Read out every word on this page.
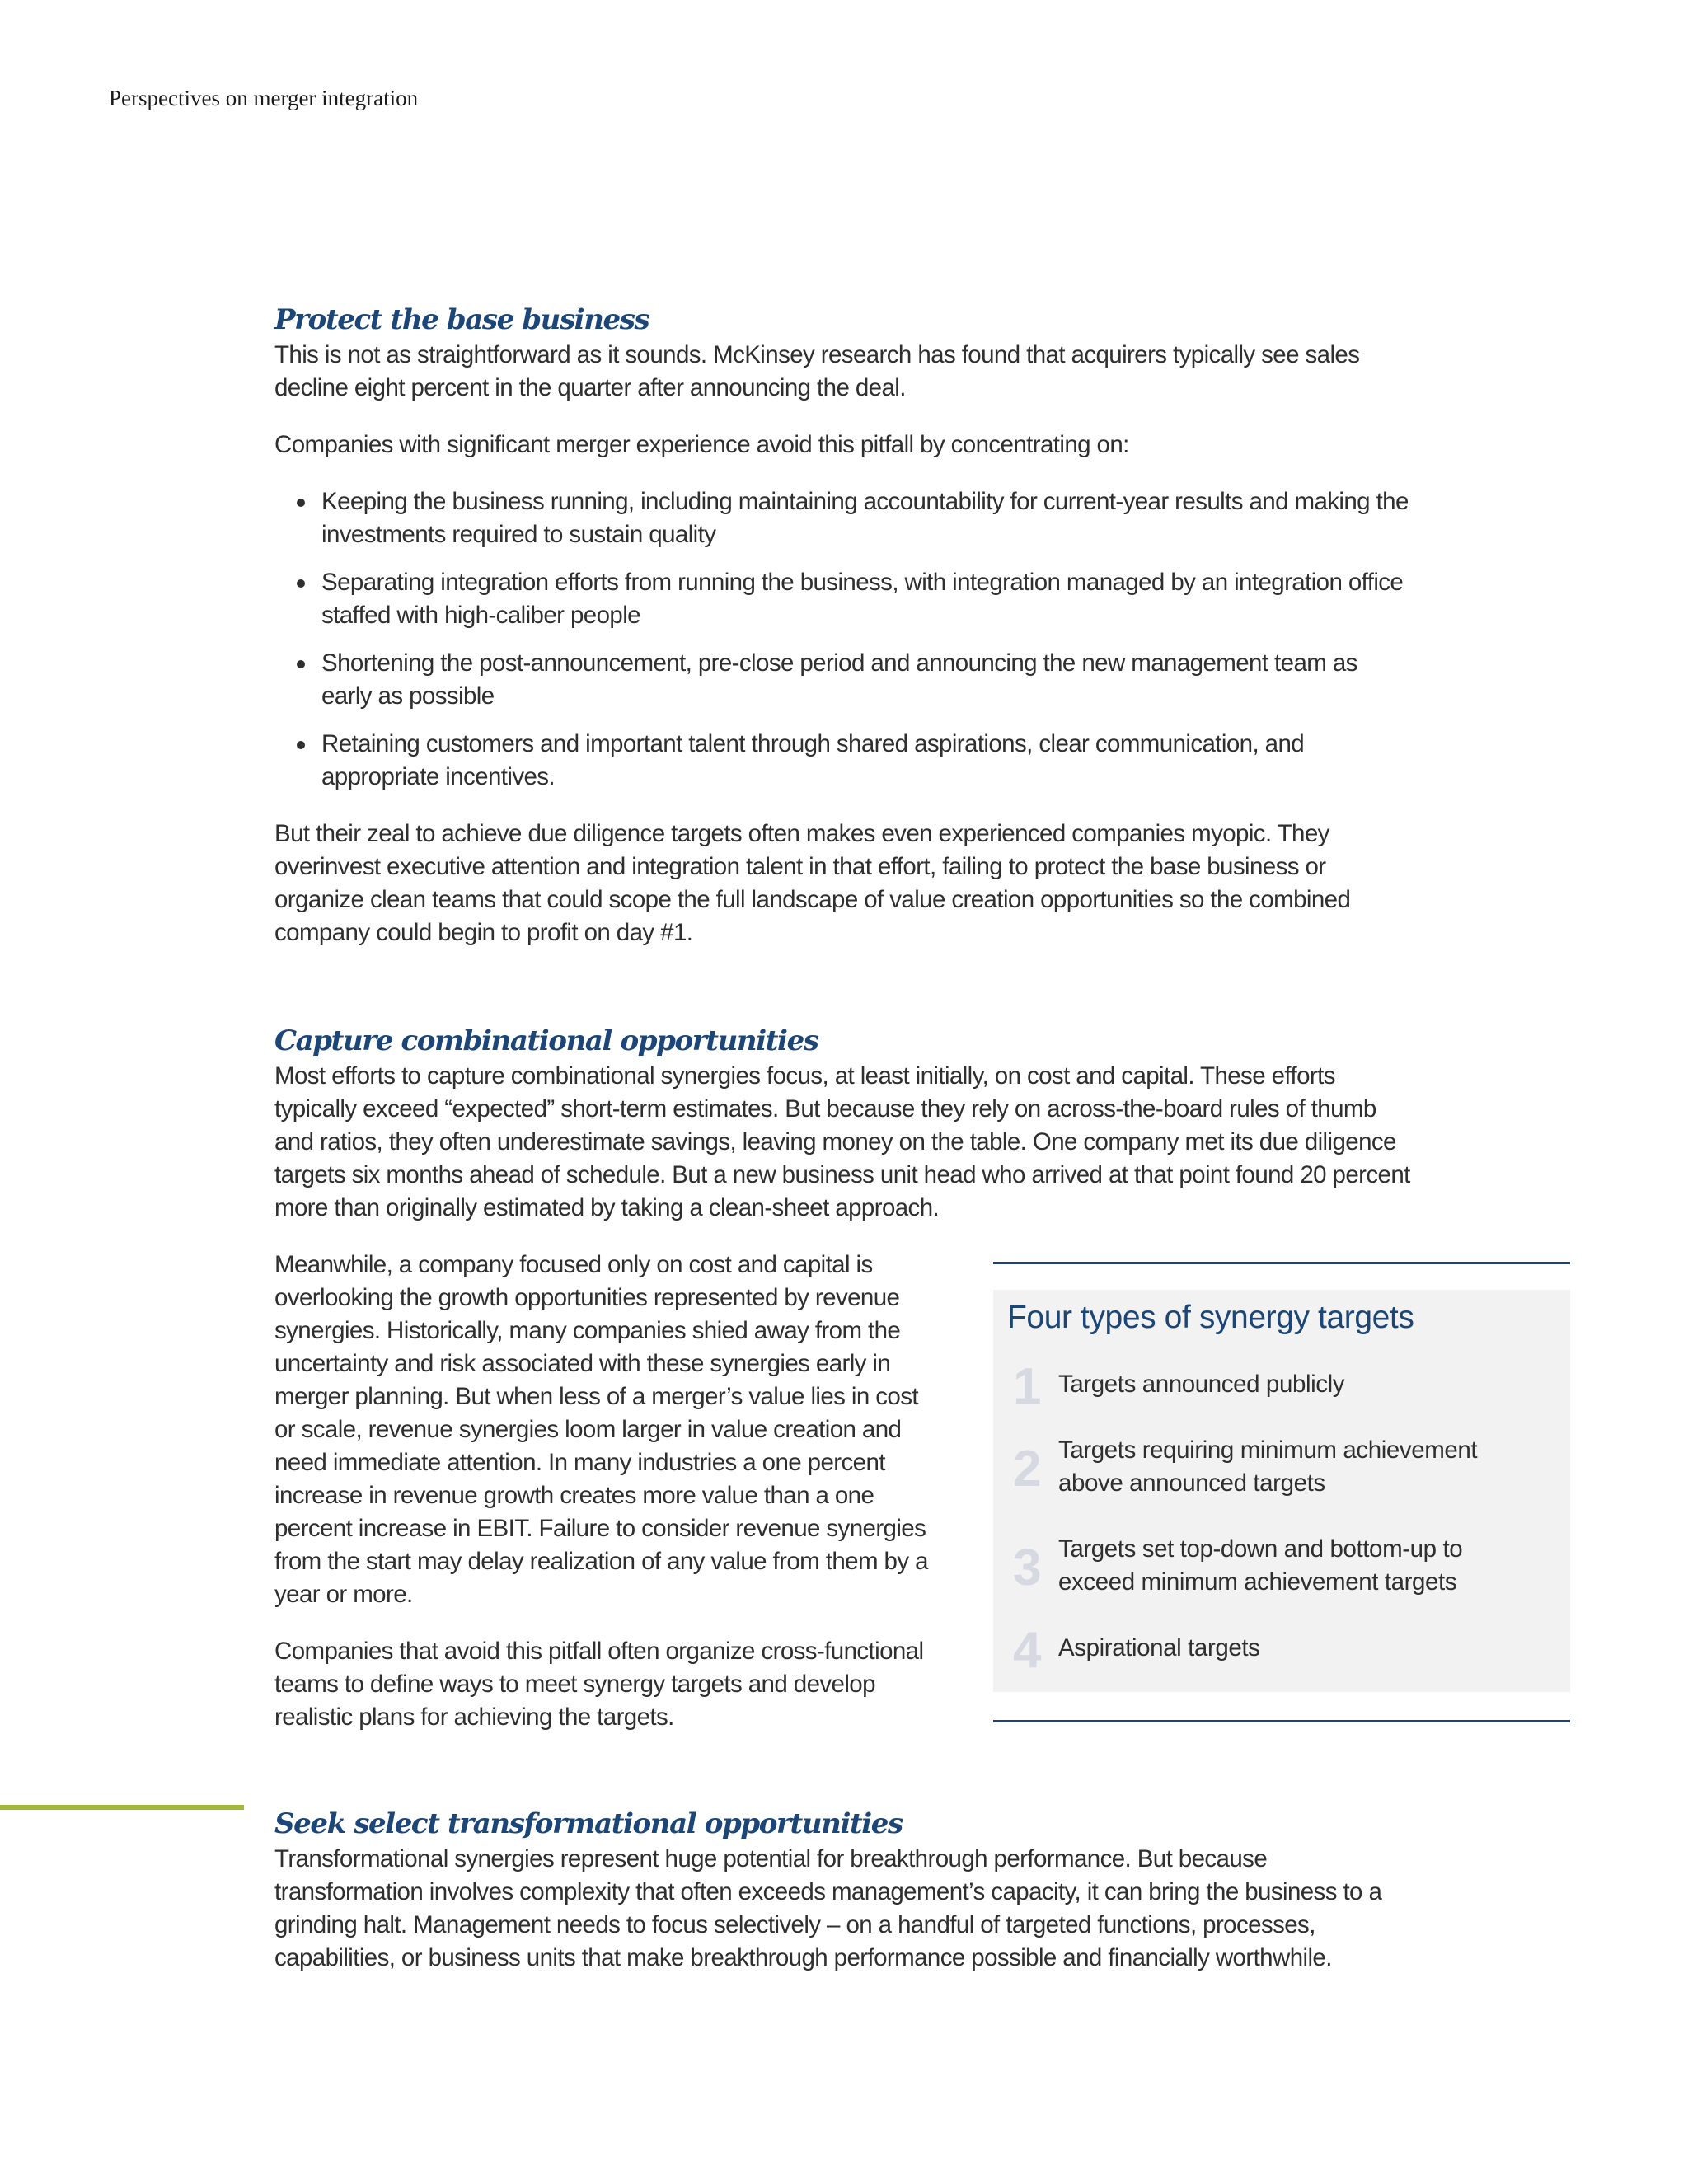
Perspectives on merger integration
Protect the base business

This is not as straightforward as it sounds. McKinsey research has found that acquirers typically see sales decline eight percent in the quarter after announcing the deal.

Companies with significant merger experience avoid this pitfall by concentrating on:

Keeping the business running, including maintaining accountability for current-year results and making the investments required to sustain quality
Separating integration efforts from running the business, with integration managed by an integration office staffed with high-caliber people
Shortening the post-announcement, pre-close period and announcing the new management team as early as possible
Retaining customers and important talent through shared aspirations, clear communication, and appropriate incentives.

But their zeal to achieve due diligence targets often makes even experienced companies myopic. They overinvest executive attention and integration talent in that effort, failing to protect the base business or organize clean teams that could scope the full landscape of value creation opportunities so the combined company could begin to profit on day #1.

Capture combinational opportunities

Most efforts to capture combinational synergies focus, at least initially, on cost and capital. These efforts typically exceed “expected” short-term estimates. But because they rely on across-the-board rules of thumb and ratios, they often underestimate savings, leaving money on the table. One company met its due diligence targets six months ahead of schedule. But a new business unit head who arrived at that point found 20 percent more than originally estimated by taking a clean-sheet approach.

Meanwhile, a company focused only on cost and capital is overlooking the growth opportunities represented by revenue synergies. Historically, many companies shied away from the uncertainty and risk associated with these synergies early in merger planning. But when less of a merger’s value lies in cost or scale, revenue synergies loom larger in value creation and need immediate attention. In many industries a one percent increase in revenue growth creates more value than a one percent increase in EBIT. Failure to consider revenue synergies from the start may delay realization of any value from them by a year or more.

Companies that avoid this pitfall often organize cross-functional teams to define ways to meet synergy targets and develop realistic plans for achieving the targets.

Four types of synergy targets
1 Targets announced publicly
2 Targets requiring minimum achievement above announced targets
3 Targets set top-down and bottom-up to exceed minimum achievement targets
4 Aspirational targets
Seek select transformational opportunities

Transformational synergies represent huge potential for breakthrough performance. But because transformation involves complexity that often exceeds management’s capacity, it can bring the business to a grinding halt. Management needs to focus selectively – on a handful of targeted functions, processes, capabilities, or business units that make breakthrough performance possible and financially worthwhile.
